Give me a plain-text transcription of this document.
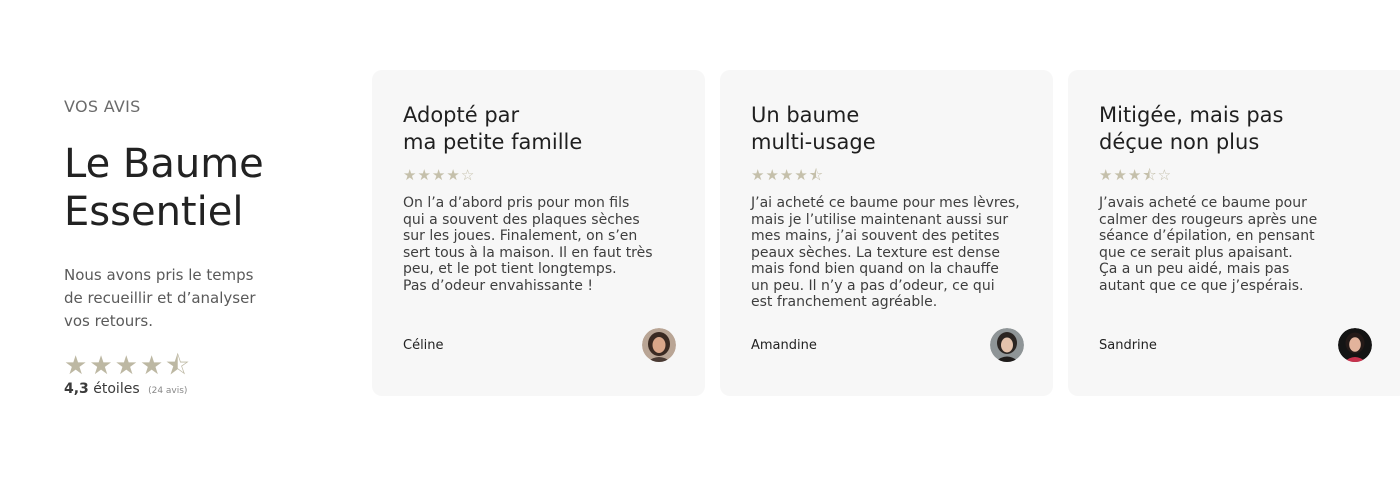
VOS AVIS

Le Baume
Essentiel

Nous avons pris le temps de recueillir et d’analyser vos retours.

★ ★ ★ ★ ⯪
4,3 étoiles (24 avis)
Adopté par
ma petite famille
★ ★ ★ ★ ☆
On l’a d’abord pris pour mon fils
qui a souvent des plaques sèches
sur les joues. Finalement, on s’en
sert tous à la maison. Il en faut très
peu, et le pot tient longtemps.
Pas d’odeur envahissante !
Céline
Un baume
multi-usage
★ ★ ★ ★ ⯪
J’ai acheté ce baume pour mes lèvres,
mais je l’utilise maintenant aussi sur
mes mains, j’ai souvent des petites
peaux sèches. La texture est dense
mais fond bien quand on la chauffe
un peu. Il n’y a pas d’odeur, ce qui
est franchement agréable.
Amandine
Mitigée, mais pas
déçue non plus
★ ★ ★ ⯪ ☆
J’avais acheté ce baume pour
calmer des rougeurs après une
séance d’épilation, en pensant
que ce serait plus apaisant.
Ça a un peu aidé, mais pas
autant que ce que j’espérais.
Sandrine
